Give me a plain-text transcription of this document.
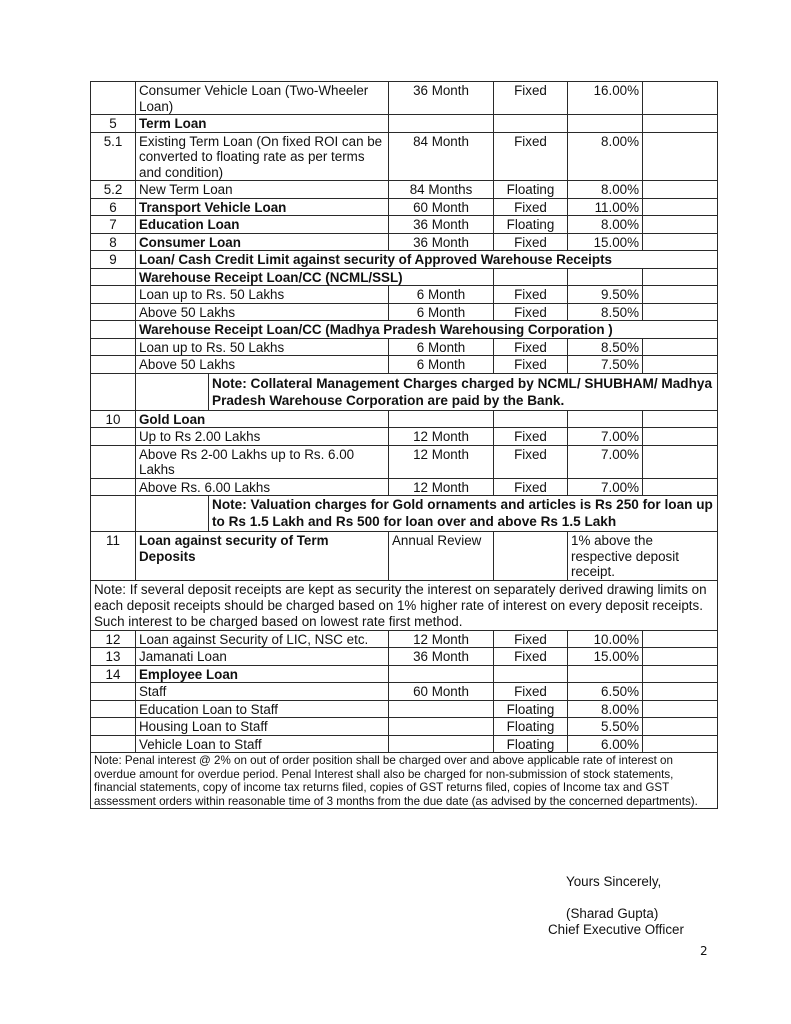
	Consumer Vehicle Loan (Two-Wheeler Loan)	36 Month	Fixed	16.00%	
5	Term Loan				
5.1	Existing Term Loan (On fixed ROI can be converted to floating rate as per terms and condition)	84 Month	Fixed	8.00%	
5.2	New Term Loan	84 Months	Floating	8.00%	
6	Transport Vehicle Loan	60 Month	Fixed	11.00%	
7	Education Loan	36 Month	Floating	8.00%	
8	Consumer Loan	36 Month	Fixed	15.00%	
9	Loan/ Cash Credit Limit against security of Approved Warehouse Receipts				
	Warehouse Receipt Loan/CC (NCML/SSL)				
	Loan up to Rs. 50 Lakhs	6 Month	Fixed	9.50%	
	Above 50 Lakhs	6 Month	Fixed	8.50%	
	Warehouse Receipt Loan/CC (Madhya Pradesh Warehousing Corporation )				
	Loan up to Rs. 50 Lakhs	6 Month	Fixed	8.50%	
	Above 50 Lakhs	6 Month	Fixed	7.50%	

	Note: Collateral Management Charges charged by NCML/ SHUBHAM/ Madhya Pradesh Warehouse Corporation are paid by the Bank.				

10	Gold Loan				
	Up to Rs 2.00 Lakhs	12 Month	Fixed	7.00%	
	Above Rs 2-00 Lakhs up to Rs. 6.00 Lakhs	12 Month	Fixed	7.00%	
	Above Rs. 6.00 Lakhs	12 Month	Fixed	7.00%	

	Note: Valuation charges for Gold ornaments and articles is Rs 250 for loan up to Rs 1.5 Lakh and Rs 500 for loan over and above Rs 1.5 Lakh				

11	Loan against security of Term Deposits	Annual Review		1% above the respective deposit receipt.	
Note: If several deposit receipts are kept as security the interest on separately derived drawing limits on each deposit receipts should be charged based on 1% higher rate of interest on every deposit receipts. Such interest to be charged based on lowest rate first method.					
12	Loan against Security of LIC, NSC etc.	12 Month	Fixed	10.00%	
13	Jamanati Loan	36 Month	Fixed	15.00%	
14	Employee Loan				
	Staff	60 Month	Fixed	6.50%	
	Education Loan to Staff		Floating	8.00%	
	Housing Loan to Staff		Floating	5.50%	
	Vehicle Loan to Staff		Floating	6.00%	
Note: Penal interest @ 2% on out of order position shall be charged over and above applicable rate of interest on overdue amount for overdue period. Penal Interest shall also be charged for non-submission of stock statements, financial statements, copy of income tax returns filed, copies of GST returns filed, copies of Income tax and GST assessment orders within reasonable time of 3 months from the due date (as advised by the concerned departments).					
Yours Sincerely,
(Sharad Gupta)
Chief Executive Officer
2
